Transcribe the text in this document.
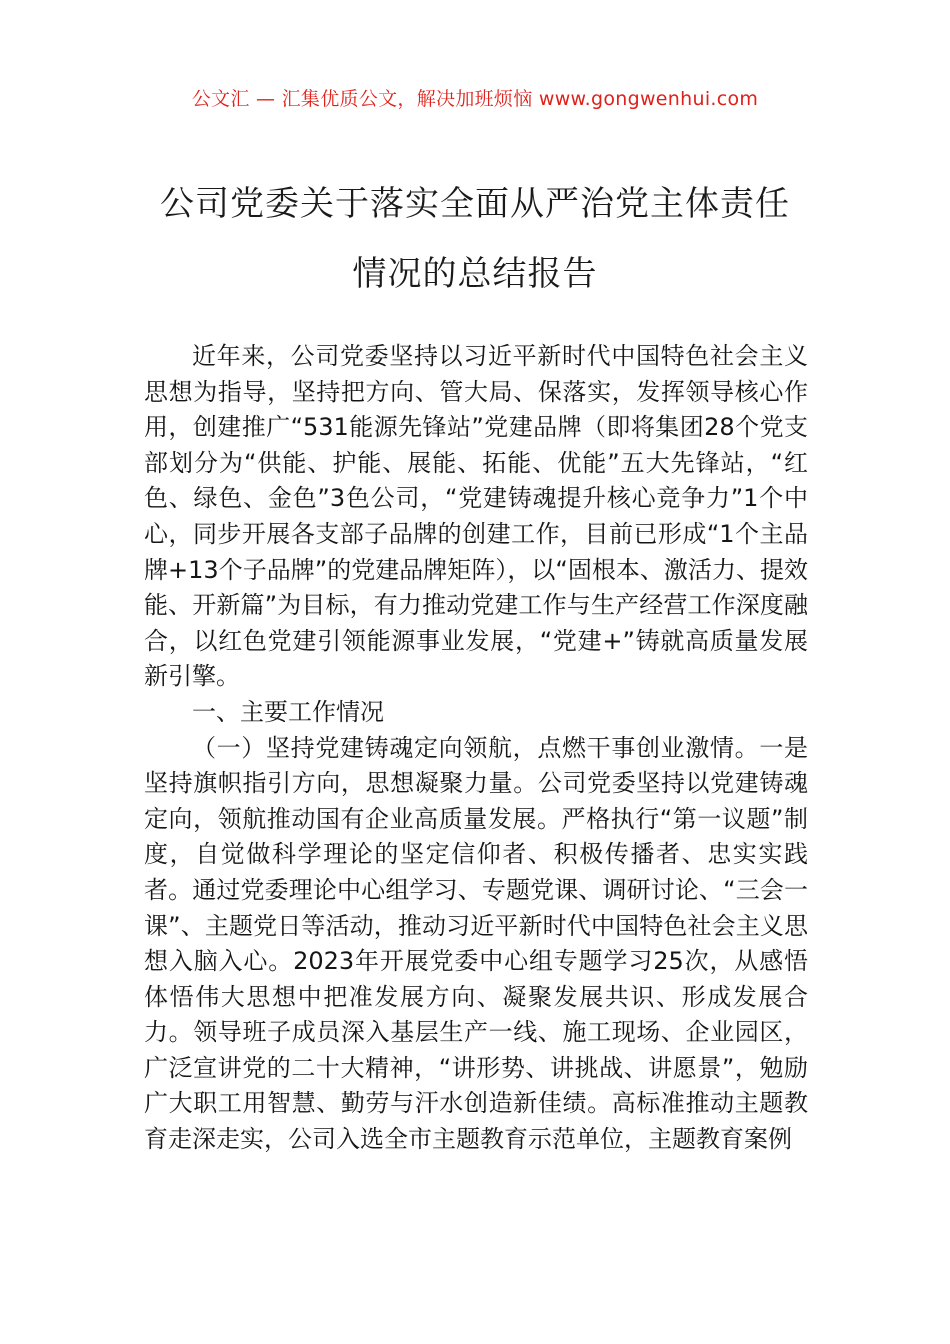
公文汇 — 汇集优质公文，解决加班烦恼 www.gongwenhui.com
公司党委关于落实全面从严治党主体责任
情况的总结报告

近年来，公司党委坚持以习近平新时代中国特色社会主义思想为指导，坚持把方向、管大局、保落实，发挥领导核心作用，创建推广“531能源先锋站”党建品牌（即将集团28个党支部划分为“供能、护能、展能、拓能、优能”五大先锋站，“红色、绿色、金色”3色公司，“党建铸魂提升核心竞争力”1个中心，同步开展各支部子品牌的创建工作，目前已形成“1个主品牌+13个子品牌”的党建品牌矩阵），以“固根本、激活力、提效能、开新篇”为目标，有力推动党建工作与生产经营工作深度融合，以红色党建引领能源事业发展，“党建+”铸就高质量发展新引擎。

一、主要工作情况

（一）坚持党建铸魂定向领航，点燃干事创业激情。一是坚持旗帜指引方向，思想凝聚力量。公司党委坚持以党建铸魂定向，领航推动国有企业高质量发展。严格执行“第一议题”制度，自觉做科学理论的坚定信仰者、积极传播者、忠实实践者。通过党委理论中心组学习、专题党课、调研讨论、“三会一课”、主题党日等活动，推动习近平新时代中国特色社会主义思想入脑入心。2023年开展党委中心组专题学习25次，从感悟体悟伟大思想中把准发展方向、凝聚发展共识、形成发展合力。领导班子成员深入基层生产一线、施工现场、企业园区，广泛宣讲党的二十大精神，“讲形势、讲挑战、讲愿景”，勉励广大职工用智慧、勤劳与汗水创造新佳绩。高标准推动主题教育走深走实，公司入选全市主题教育示范单位，主题教育案例
